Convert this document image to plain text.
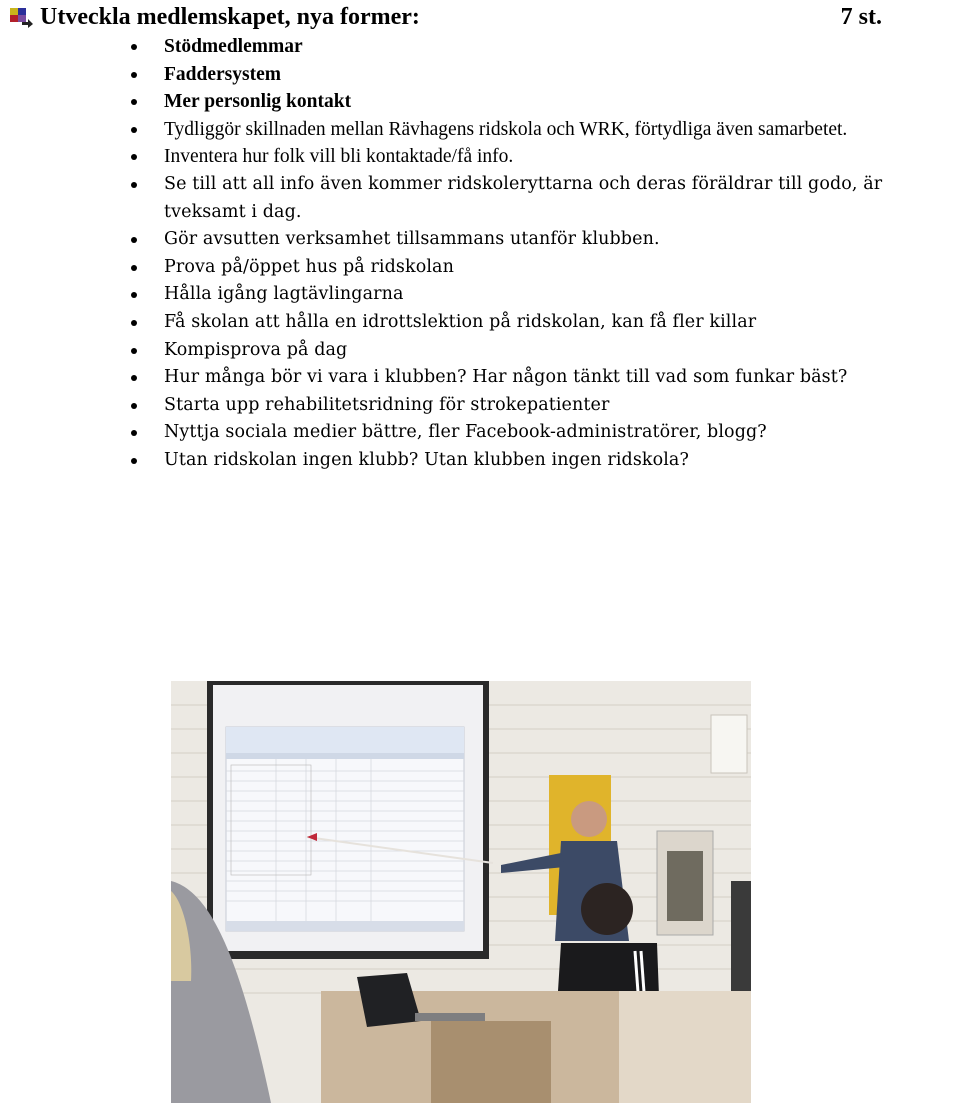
Utveckla medlemskapet, nya former:	7 st.
Stödmedlemmar
Faddersystem
Mer personlig kontakt
Tydliggör skillnaden mellan Rävhagens ridskola och WRK, förtydliga även samarbetet.
Inventera hur folk vill bli kontaktade/få info.
Se till att all info även kommer ridskoleryttarna och deras föräldrar till godo, är tveksamt i dag.
Gör avsutten verksamhet tillsammans utanför klubben.
Prova på/öppet hus på ridskolan
Hålla igång lagtävlingarna
Få skolan att hålla en idrottslektion på ridskolan, kan få fler killar
Kompisprova på dag
Hur många bör vi vara i klubben? Har någon tänkt till vad som funkar bäst?
Starta upp rehabilitetsridning för strokepatienter
Nyttja sociala medier bättre, fler Facebook-administratörer, blogg?
Utan ridskolan ingen klubb? Utan klubben ingen ridskola?
